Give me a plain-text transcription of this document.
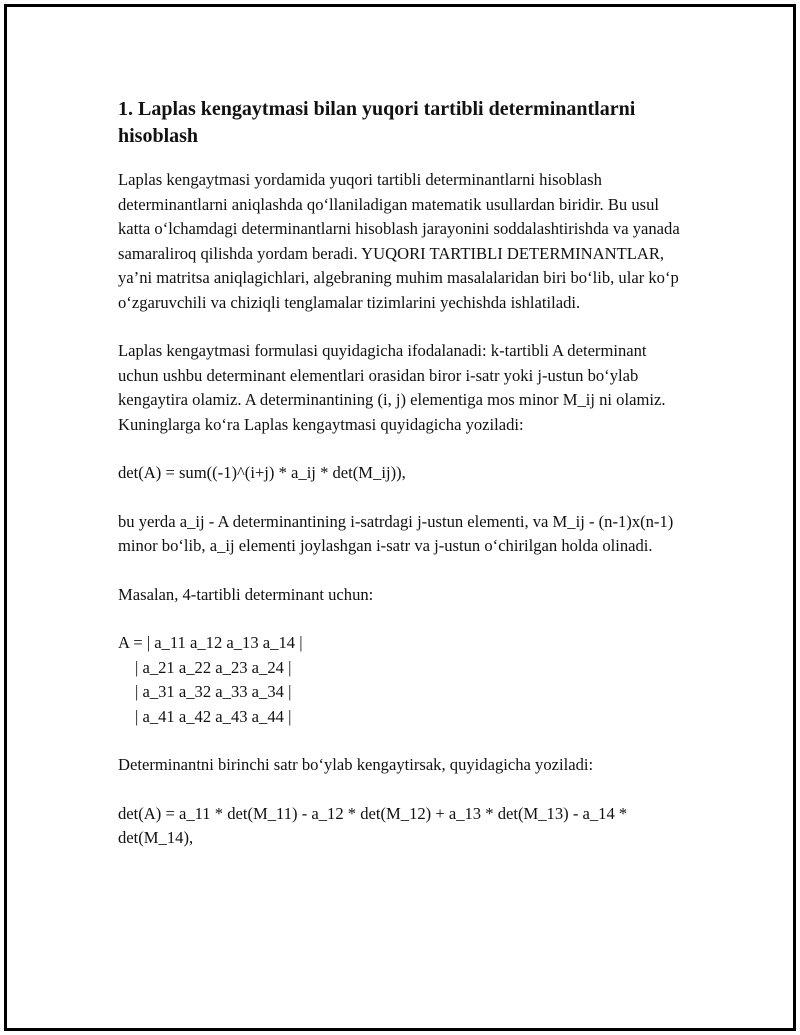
1. Laplas kengaytmasi bilan yuqori tartibli determinantlarni hisoblash

Laplas kengaytmasi yordamida yuqori tartibli determinantlarni hisoblash determinantlarni aniqlashda qo‘llaniladigan matematik usullardan biridir. Bu usul katta o‘lchamdagi determinantlarni hisoblash jarayonini soddalashtirishda va yanada samaraliroq qilishda yordam beradi. YUQORI TARTIBLI DETERMINANTLAR, ya’ni matritsa aniqlagichlari, algebraning muhim masalalaridan biri bo‘lib, ular ko‘p o‘zgaruvchili va chiziqli tenglamalar tizimlarini yechishda ishlatiladi.

Laplas kengaytmasi formulasi quyidagicha ifodalanadi: k-tartibli A determinant uchun ushbu determinant elementlari orasidan biror i-satr yoki j-ustun bo‘ylab kengaytira olamiz. A determinantining (i, j) elementiga mos minor M_ij ni olamiz. Kuninglarga ko‘ra Laplas kengaytmasi quyidagicha yoziladi:

det(A) = sum((-1)^(i+j) * a_ij * det(M_ij)),

bu yerda a_ij - A determinantining i-satrdagi j-ustun elementi, va M_ij - (n-1)x(n-1) minor bo‘lib, a_ij elementi joylashgan i-satr va j-ustun o‘chirilgan holda olinadi.

Masalan, 4-tartibli determinant uchun:

A = | a_11 a_12 a_13 a_14 |
| a_21 a_22 a_23 a_24 |
| a_31 a_32 a_33 a_34 |
| a_41 a_42 a_43 a_44 |

Determinantni birinchi satr bo‘ylab kengaytirsak, quyidagicha yoziladi:

det(A) = a_11 * det(M_11) - a_12 * det(M_12) + a_13 * det(M_13) - a_14 * det(M_14),
